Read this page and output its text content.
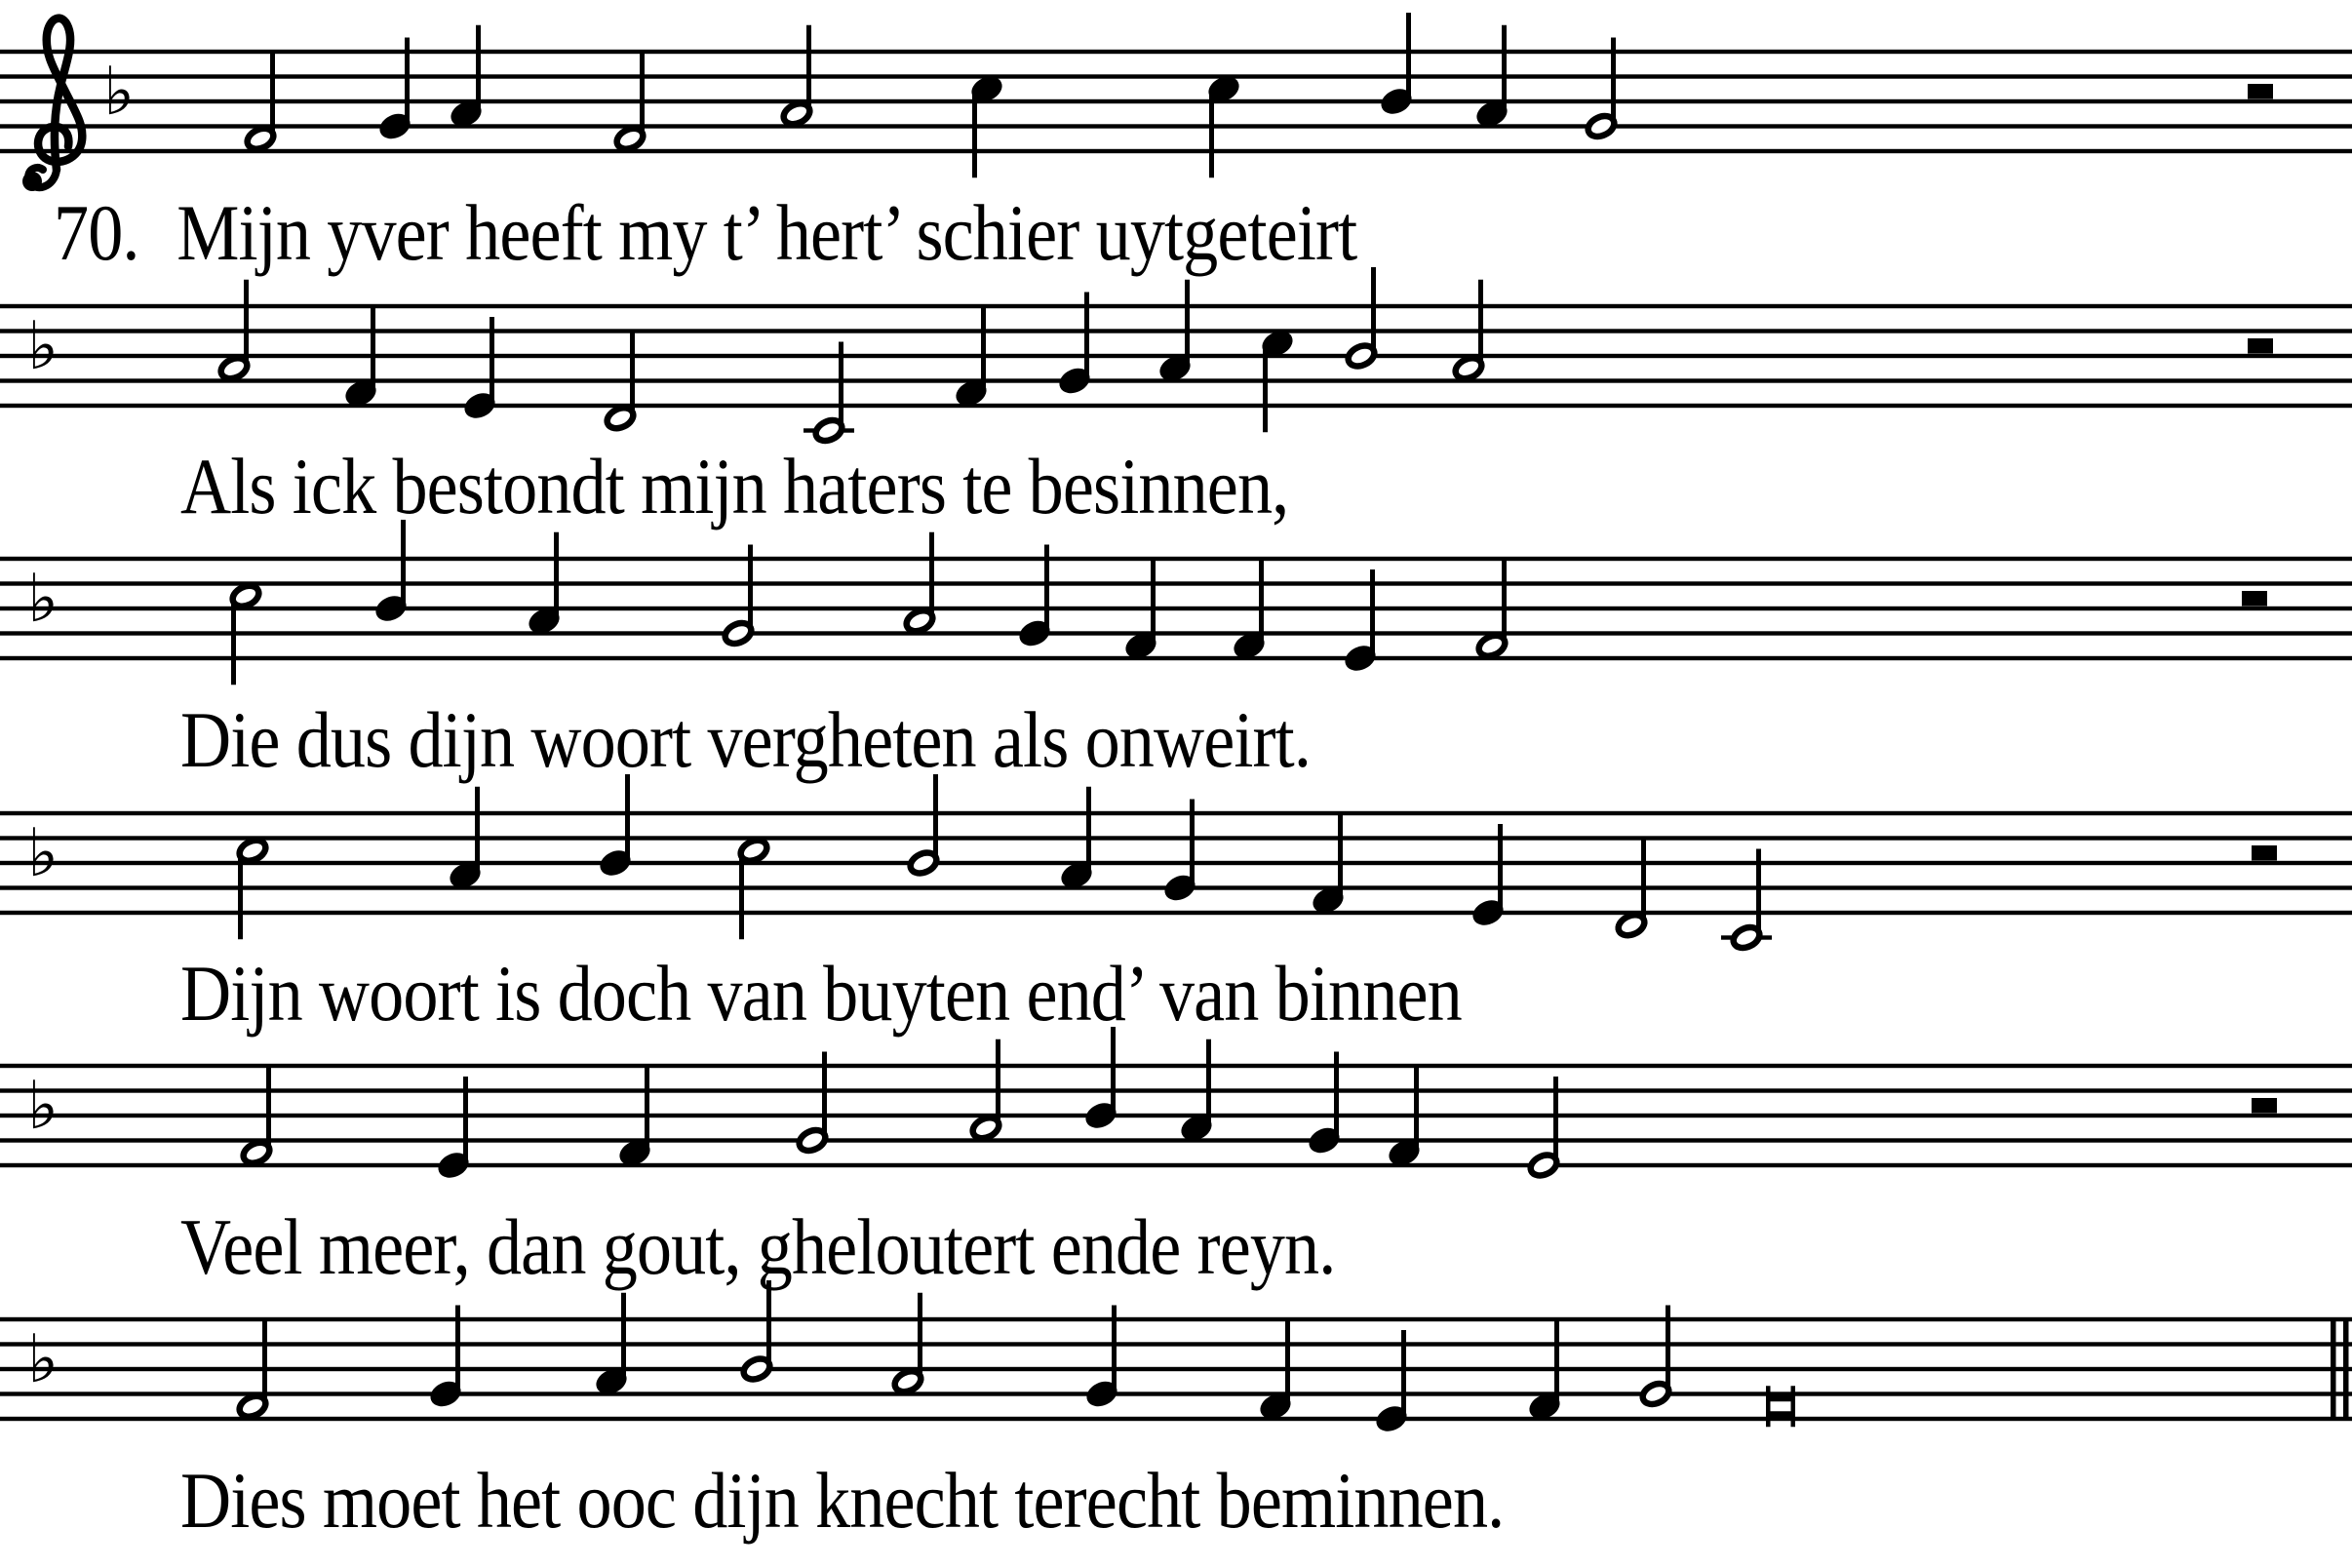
♭
♭
♭
♭
♭
♭
70. Mijn yver heeft my t’ hert’ schier uytgeteirt
Als ick bestondt mijn haters te besinnen,
Die dus dijn woort vergheten als onweirt.
Dijn woort is doch van buyten end’ van binnen
Veel meer, dan gout, gheloutert ende reyn.
Dies moet het ooc dijn knecht terecht beminnen.
